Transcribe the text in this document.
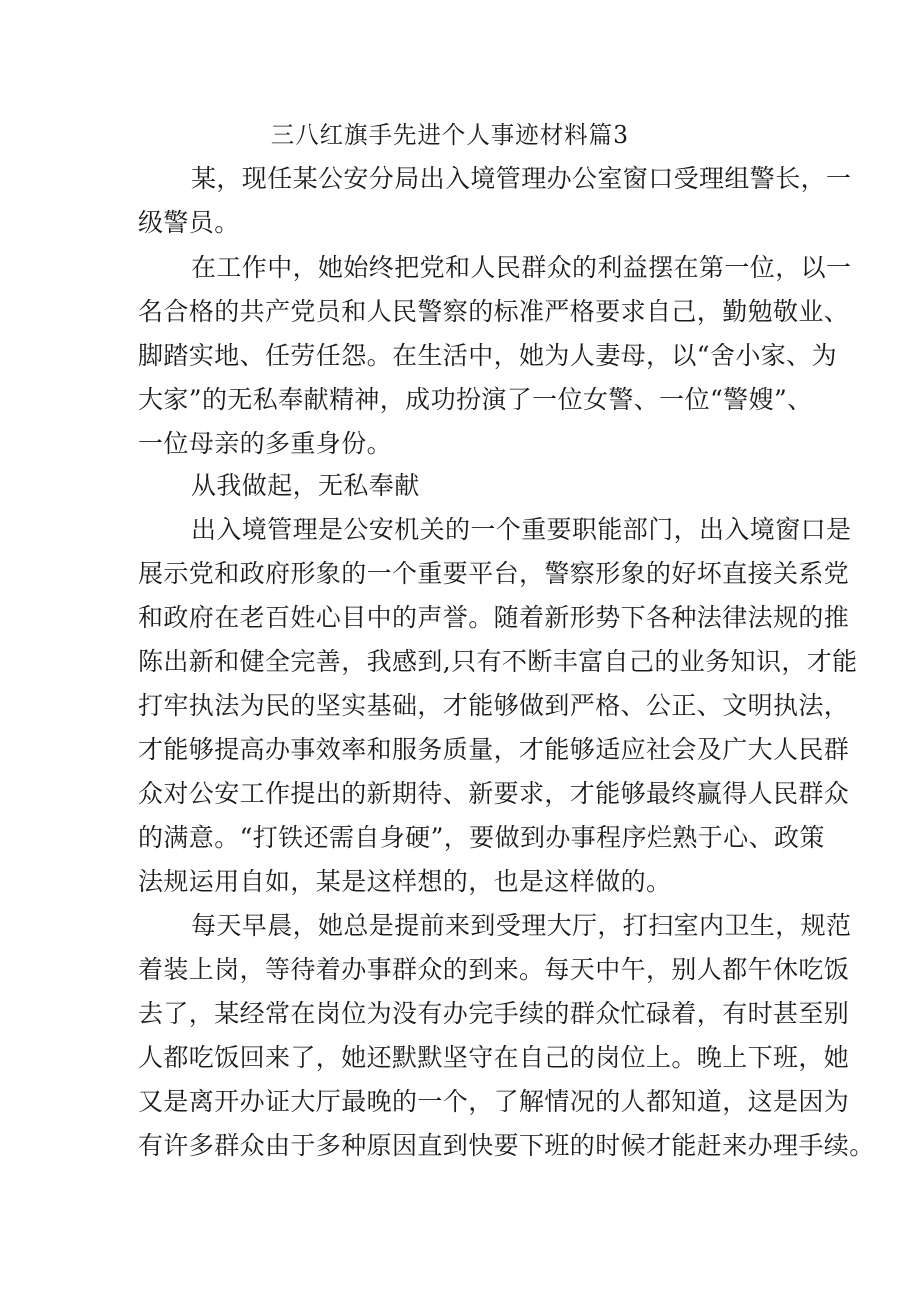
三八红旗手先进个人事迹材料篇3
某，现任某公安分局出入境管理办公室窗口受理组警长，一
级警员。
在工作中，她始终把党和人民群众的利益摆在第一位，以一
名合格的共产党员和人民警察的标准严格要求自己，勤勉敬业、
脚踏实地、任劳任怨。在生活中，她为人妻母，以“舍小家、为
大家”的无私奉献精神，成功扮演了一位女警、一位“警嫂”、
一位母亲的多重身份。
从我做起，无私奉献
出入境管理是公安机关的一个重要职能部门，出入境窗口是
展示党和政府形象的一个重要平台，警察形象的好坏直接关系党
和政府在老百姓心目中的声誉。随着新形势下各种法律法规的推
陈出新和健全完善，我感到,只有不断丰富自己的业务知识，才能
打牢执法为民的坚实基础，才能够做到严格、公正、文明执法，
才能够提高办事效率和服务质量，才能够适应社会及广大人民群
众对公安工作提出的新期待、新要求，才能够最终赢得人民群众
的满意。“打铁还需自身硬”，要做到办事程序烂熟于心、政策
法规运用自如，某是这样想的，也是这样做的。
每天早晨，她总是提前来到受理大厅，打扫室内卫生，规范
着装上岗，等待着办事群众的到来。每天中午，别人都午休吃饭
去了，某经常在岗位为没有办完手续的群众忙碌着，有时甚至别
人都吃饭回来了，她还默默坚守在自己的岗位上。晚上下班，她
又是离开办证大厅最晚的一个，了解情况的人都知道，这是因为
有许多群众由于多种原因直到快要下班的时候才能赶来办理手续。
